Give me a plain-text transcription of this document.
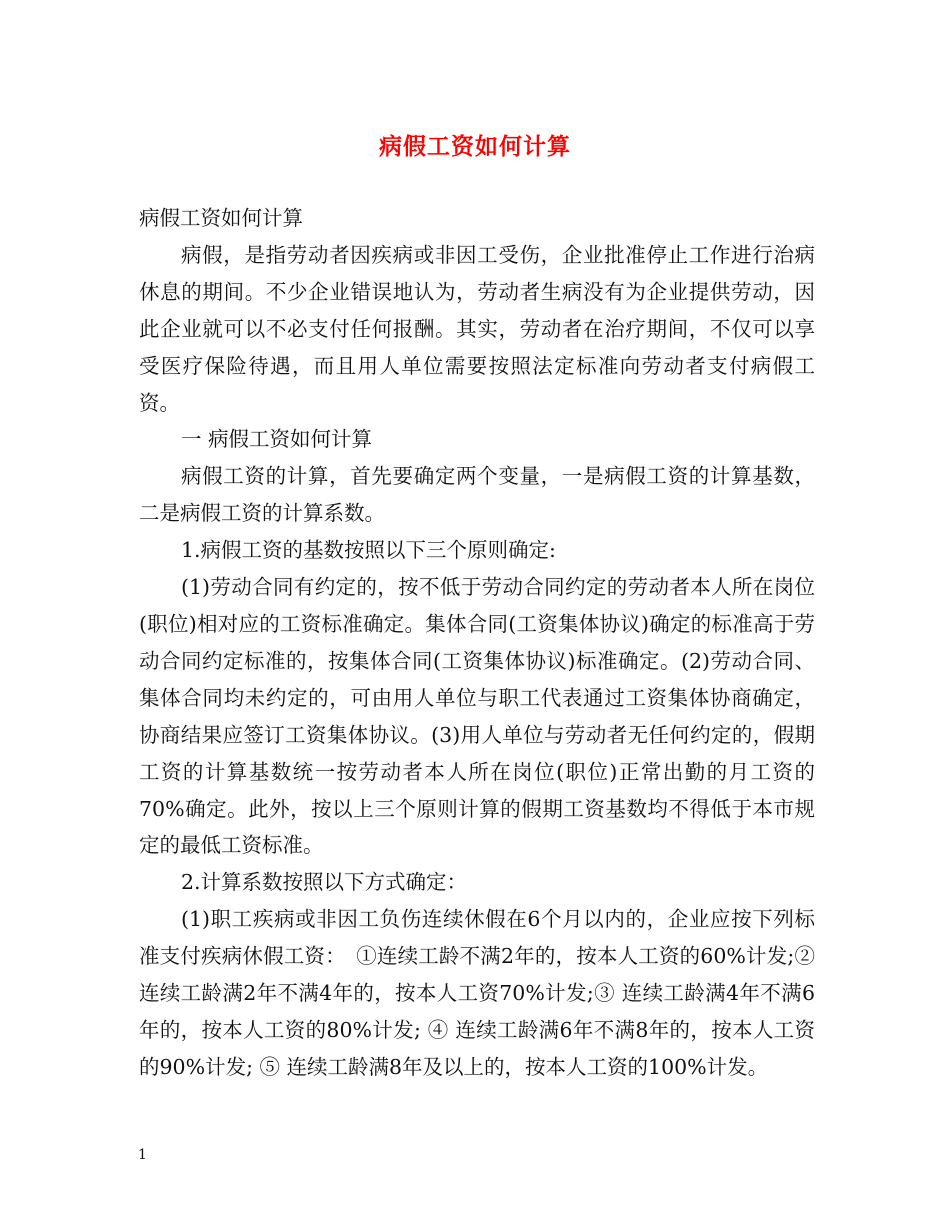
病假工资如何计算

病假工资如何计算

病假，是指劳动者因疾病或非因工受伤，企业批准停止工作进行治病休息的期间。不少企业错误地认为，劳动者生病没有为企业提供劳动，因此企业就可以不必支付任何报酬。其实，劳动者在治疗期间，不仅可以享受医疗保险待遇，而且用人单位需要按照法定标准向劳动者支付病假工资。

一 病假工资如何计算

病假工资的计算，首先要确定两个变量，一是病假工资的计算基数，二是病假工资的计算系数。

1.病假工资的基数按照以下三个原则确定:

(1)劳动合同有约定的，按不低于劳动合同约定的劳动者本人所在岗位(职位)相对应的工资标准确定。集体合同(工资集体协议)确定的标准高于劳动合同约定标准的，按集体合同(工资集体协议)标准确定。(2)劳动合同、集体合同均未约定的，可由用人单位与职工代表通过工资集体协商确定，协商结果应签订工资集体协议。(3)用人单位与劳动者无任何约定的，假期工资的计算基数统一按劳动者本人所在岗位(职位)正常出勤的月工资的70%确定。此外，按以上三个原则计算的假期工资基数均不得低于本市规定的最低工资标准。

2.计算系数按照以下方式确定：

(1)职工疾病或非因工负伤连续休假在6个月以内的，企业应按下列标准支付疾病休假工资：　①连续工龄不满2年的，按本人工资的60%计发;② 连续工龄满2年不满4年的，按本人工资70%计发;③ 连续工龄满4年不满6年的，按本人工资的80%计发; ④ 连续工龄满6年不满8年的，按本人工资的90%计发; ⑤ 连续工龄满8年及以上的，按本人工资的100%计发。

1
